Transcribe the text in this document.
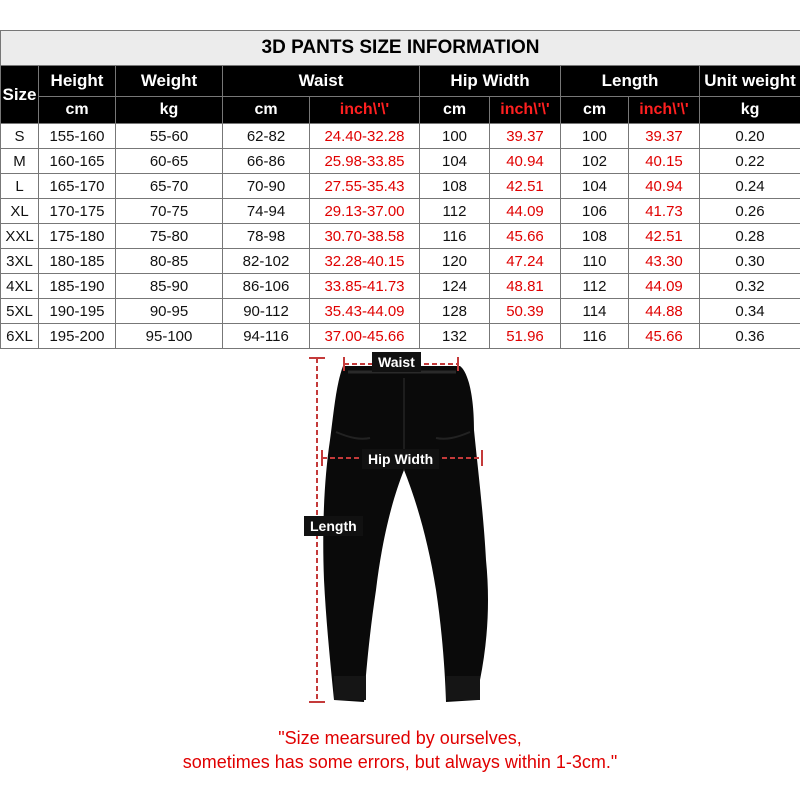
3D PANTS SIZE INFORMATION									
Size	Height	Weight	Waist		Hip Width		Length		Unit weight
	cm	kg	cm	inch\'\'	cm	inch\'\'	cm	inch\'\'	kg
S	155-160	55-60	62-82	24.40-32.28	100	39.37	100	39.37	0.20
M	160-165	60-65	66-86	25.98-33.85	104	40.94	102	40.15	0.22
L	165-170	65-70	70-90	27.55-35.43	108	42.51	104	40.94	0.24
XL	170-175	70-75	74-94	29.13-37.00	112	44.09	106	41.73	0.26
XXL	175-180	75-80	78-98	30.70-38.58	116	45.66	108	42.51	0.28
3XL	180-185	80-85	82-102	32.28-40.15	120	47.24	110	43.30	0.30
4XL	185-190	85-90	86-106	33.85-41.73	124	48.81	112	44.09	0.32
5XL	190-195	90-95	90-112	35.43-44.09	128	50.39	114	44.88	0.34
6XL	195-200	95-100	94-116	37.00-45.66	132	51.96	116	45.66	0.36
Waist
Hip Width
Length
"Size mearsured by ourselves,
sometimes has some errors, but always within 1-3cm."
